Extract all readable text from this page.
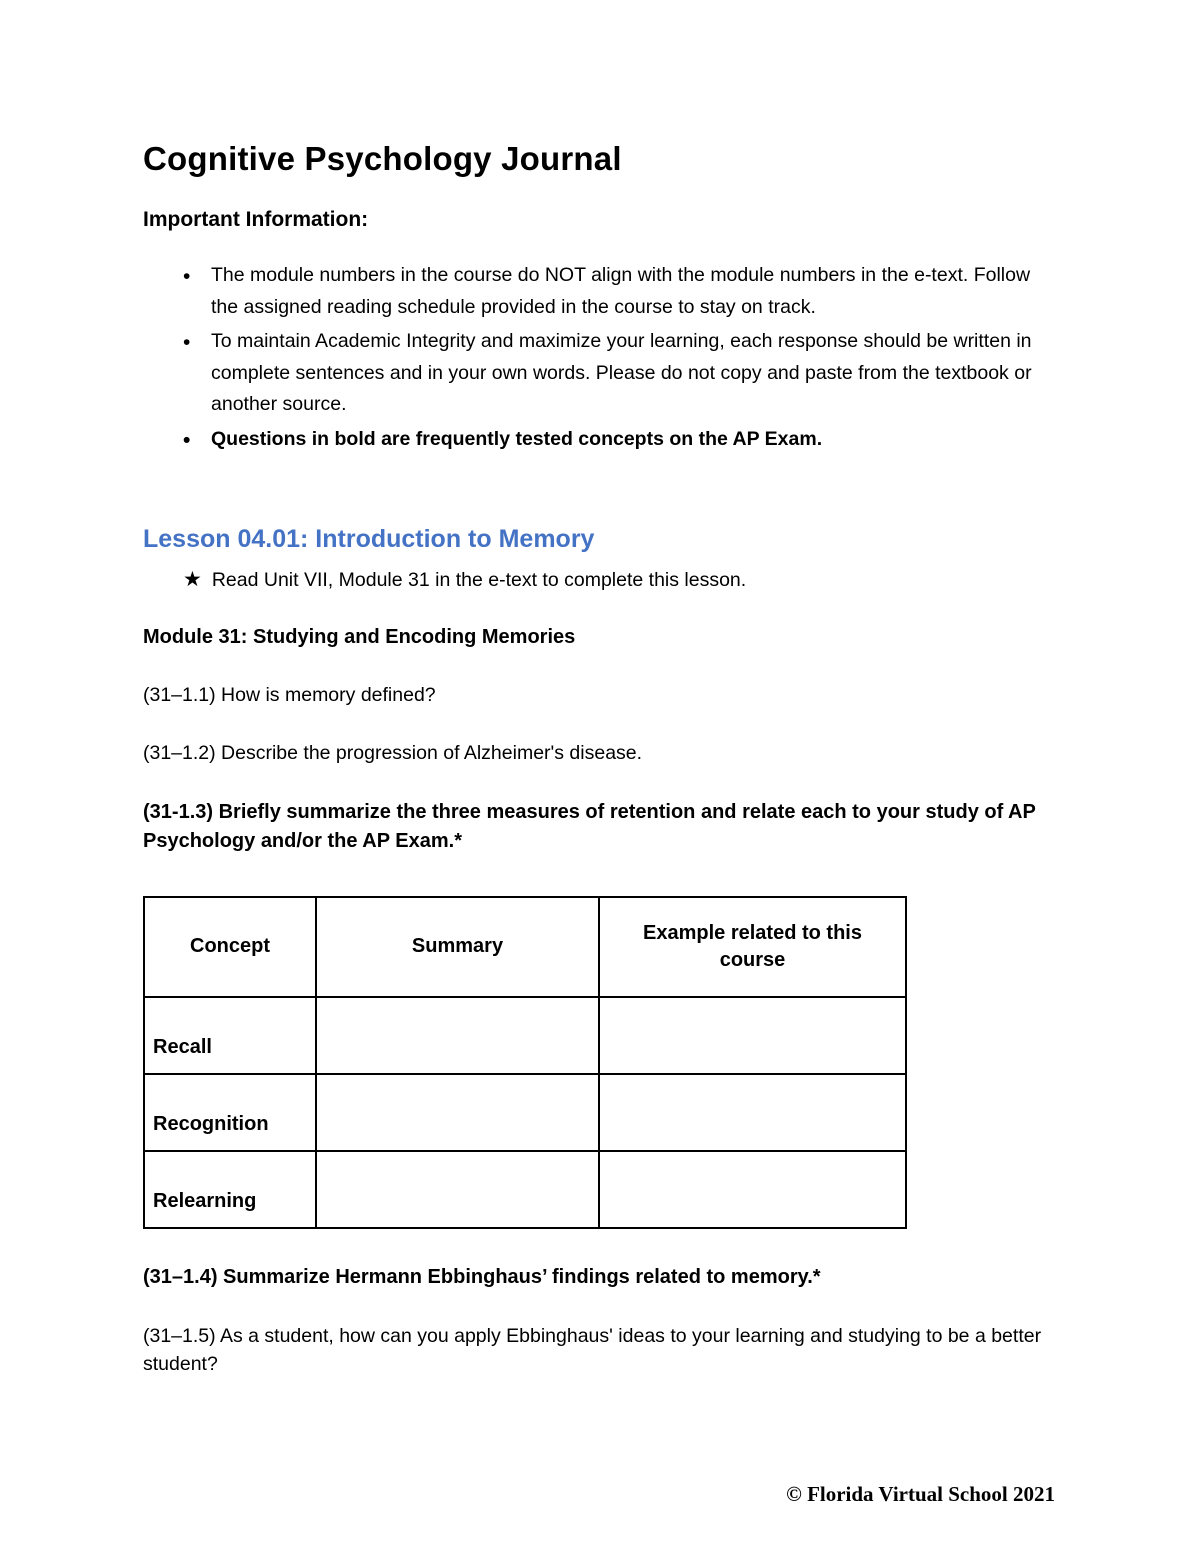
Cognitive Psychology Journal
Important Information:
• The module numbers in the course do NOT align with the module numbers in the e-text. Follow the assigned reading schedule provided in the course to stay on track.
• To maintain Academic Integrity and maximize your learning, each response should be written in complete sentences and in your own words. Please do not copy and paste from the textbook or another source.
• Questions in bold are frequently tested concepts on the AP Exam.
Lesson 04.01: Introduction to Memory
★ Read Unit VII, Module 31 in the e-text to complete this lesson.
Module 31: Studying and Encoding Memories

(31–1.1) How is memory defined?

(31–1.2) Describe the progression of Alzheimer's disease.

(31-1.3) Briefly summarize the three measures of retention and relate each to your study of AP Psychology and/or the AP Exam.*

Concept	Summary	Example related to this course
Recall		
Recognition		
Relearning		

(31–1.4) Summarize Hermann Ebbinghaus’ findings related to memory.*

(31–1.5) As a student, how can you apply Ebbinghaus' ideas to your learning and studying to be a better student?

© Florida Virtual School 2021
